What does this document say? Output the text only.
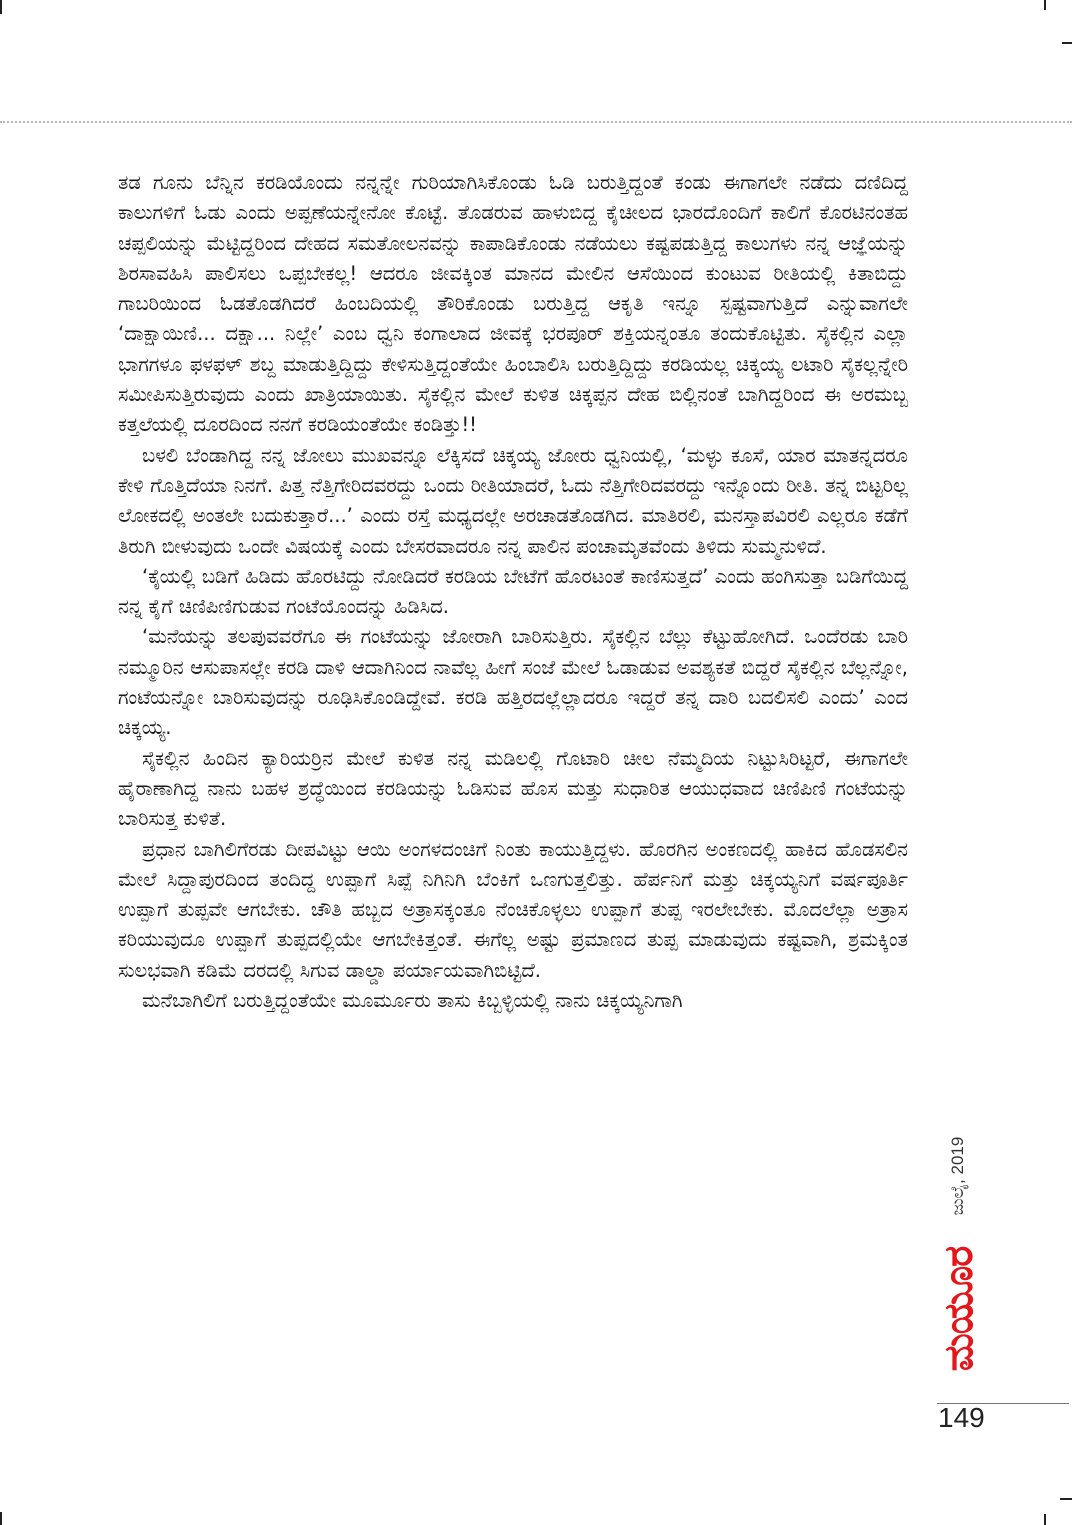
ತಡ ಗೂನು ಬೆನ್ನಿನ ಕರಡಿಯೊಂದು ನನ್ನನ್ನೇ ಗುರಿಯಾಗಿಸಿಕೊಂಡು ಓಡಿ ಬರುತ್ತಿದ್ದಂತೆ ಕಂಡು ಈಗಾಗಲೇ ನಡೆದು ದಣಿದಿದ್ದ ಕಾಲುಗಳಿಗೆ ಓಡು ಎಂದು ಅಪ್ಪಣೆಯನ್ನೇನೋ ಕೊಟ್ಟೆ. ತೊಡರುವ ಹಾಳುಬಿದ್ದ ಕೈಚೀಲದ ಭಾರದೊಂದಿಗೆ ಕಾಲಿಗೆ ಕೊರಟಿನಂತಹ ಚಪ್ಪಲಿಯನ್ನು ಮೆಟ್ಟಿದ್ದರಿಂದ ದೇಹದ ಸಮತೋಲನವನ್ನು ಕಾಪಾಡಿಕೊಂಡು ನಡೆಯಲು ಕಷ್ಟಪಡುತ್ತಿದ್ದ ಕಾಲುಗಳು ನನ್ನ ಆಜ್ಞೆಯನ್ನು ಶಿರಸಾವಹಿಸಿ ಪಾಲಿಸಲು ಒಪ್ಪಬೇಕಲ್ಲ! ಆದರೂ ಜೀವಕ್ಕಿಂತ ಮಾನದ ಮೇಲಿನ ಆಸೆಯಿಂದ ಕುಂಟುವ ರೀತಿಯಲ್ಲಿ ಕಿತಾಬಿದ್ದು ಗಾಬರಿಯಿಂದ ಓಡತೊಡಗಿದರೆ ಹಿಂಬದಿಯಲ್ಲಿ ತೌರಿಕೊಂಡು ಬರುತ್ತಿದ್ದ ಆಕೃತಿ ಇನ್ನೂ ಸ್ಪಷ್ಟವಾಗುತ್ತಿದೆ ಎನ್ನುವಾಗಲೇ ‘ದಾಕ್ಷಾಯಿಣಿ... ದಕ್ಷಾ... ನಿಲ್ಲೇ’ ಎಂಬ ಧ್ವನಿ ಕಂಗಾಲಾದ ಜೀವಕ್ಕೆ ಭರಪೂರ್ ಶಕ್ತಿಯನ್ನಂತೂ ತಂದುಕೊಟ್ಟಿತು. ಸೈಕಲ್ಲಿನ ಎಲ್ಲಾ ಭಾಗಗಳೂ ಫಳಫಳ್ ಶಬ್ದ ಮಾಡುತ್ತಿದ್ದಿದ್ದು ಕೇಳಿಸುತ್ತಿದ್ದಂತೆಯೇ ಹಿಂಬಾಲಿಸಿ ಬರುತ್ತಿದ್ದಿದ್ದು ಕರಡಿಯಲ್ಲ ಚಿಕ್ಕಯ್ಯ ಲಟಾರಿ ಸೈಕಲ್ಲನ್ನೇರಿ ಸಮೀಪಿಸುತ್ತಿರುವುದು ಎಂದು ಖಾತ್ರಿಯಾಯಿತು. ಸೈಕಲ್ಲಿನ ಮೇಲೆ ಕುಳಿತ ಚಿಕ್ಕಪ್ಪನ ದೇಹ ಬಿಲ್ಲಿನಂತೆ ಬಾಗಿದ್ದರಿಂದ ಈ ಅರಮಬ್ಬ ಕತ್ತಲೆಯಲ್ಲಿ ದೂರದಿಂದ ನನಗೆ ಕರಡಿಯಂತೆಯೇ ಕಂಡಿತ್ತು!!

ಬಳಲಿ ಬೆಂಡಾಗಿದ್ದ ನನ್ನ ಜೋಲು ಮುಖವನ್ನೂ ಲೆಕ್ಕಿಸದೆ ಚಿಕ್ಕಯ್ಯ ಜೋರು ಧ್ವನಿಯಲ್ಲಿ, ‘ಮಳ್ಳು ಕೂಸೆ, ಯಾರ ಮಾತನ್ನದರೂ ಕೇಳಿ ಗೊತ್ತಿದೆಯಾ ನಿನಗೆ. ಪಿತ್ತ ನೆತ್ತಿಗೇರಿದವರದ್ದು ಒಂದು ರೀತಿಯಾದರೆ, ಓದು ನೆತ್ತಿಗೇರಿದವರದ್ದು ಇನ್ನೊಂದು ರೀತಿ. ತನ್ನ ಬಿಟ್ಟರಿಲ್ಲ ಲೋಕದಲ್ಲಿ ಅಂತಲೇ ಬದುಕುತ್ತಾರೆ...’ ಎಂದು ರಸ್ತೆ ಮಧ್ಯದಲ್ಲೇ ಅರಚಾಡತೊಡಗಿದ. ಮಾತಿರಲಿ, ಮನಸ್ತಾಪವಿರಲಿ ಎಲ್ಲರೂ ಕಡೆಗೆ ತಿರುಗಿ ಬೀಳುವುದು ಒಂದೇ ವಿಷಯಕ್ಕೆ ಎಂದು ಬೇಸರವಾದರೂ ನನ್ನ ಪಾಲಿನ ಪಂಚಾಮೃತವೆಂದು ತಿಳಿದು ಸುಮ್ಮನುಳಿದೆ.

‘ಕೈಯಲ್ಲಿ ಬಡಿಗೆ ಹಿಡಿದು ಹೊರಟಿದ್ದು ನೋಡಿದರೆ ಕರಡಿಯ ಬೇಟೆಗೆ ಹೊರಟಂತೆ ಕಾಣಿಸುತ್ತದೆ’ ಎಂದು ಹಂಗಿಸುತ್ತಾ ಬಡಿಗೆಯಿದ್ದ ನನ್ನ ಕೈಗೆ ಚಿಣಿಪಿಣಿಗುಡುವ ಗಂಟೆಯೊಂದನ್ನು ಹಿಡಿಸಿದ.

‘ಮನೆಯನ್ನು ತಲಪುವವರೆಗೂ ಈ ಗಂಟೆಯನ್ನು ಜೋರಾಗಿ ಬಾರಿಸುತ್ತಿರು. ಸೈಕಲ್ಲಿನ ಬೆಲ್ಲು ಕೆಟ್ಟುಹೋಗಿದೆ. ಒಂದೆರಡು ಬಾರಿ ನಮ್ಮೂರಿನ ಆಸುಪಾಸಲ್ಲೇ ಕರಡಿ ದಾಳಿ ಆದಾಗಿನಿಂದ ನಾವೆಲ್ಲ ಹೀಗೆ ಸಂಜೆ ಮೇಲೆ ಓಡಾಡುವ ಅವಶ್ಯಕತೆ ಬಿದ್ದರೆ ಸೈಕಲ್ಲಿನ ಬೆಲ್ಲನ್ನೋ, ಗಂಟೆಯನ್ನೋ ಬಾರಿಸುವುದನ್ನು ರೂಢಿಸಿಕೊಂಡಿದ್ದೇವೆ. ಕರಡಿ ಹತ್ತಿರದಲ್ಲೆಲ್ಲಾದರೂ ಇದ್ದರೆ ತನ್ನ ದಾರಿ ಬದಲಿಸಲಿ ಎಂದು’ ಎಂದ ಚಿಕ್ಕಯ್ಯ.

ಸೈಕಲ್ಲಿನ ಹಿಂದಿನ ಕ್ಯಾರಿಯರ್ರಿನ ಮೇಲೆ ಕುಳಿತ ನನ್ನ ಮಡಿಲಲ್ಲಿ ಗೊಟಾರಿ ಚೀಲ ನೆಮ್ಮದಿಯ ನಿಟ್ಟುಸಿರಿಟ್ಟರೆ, ಈಗಾಗಲೇ ಹೈರಾಣಾಗಿದ್ದ ನಾನು ಬಹಳ ಶ್ರದ್ಧೆಯಿಂದ ಕರಡಿಯನ್ನು ಓಡಿಸುವ ಹೊಸ ಮತ್ತು ಸುಧಾರಿತ ಆಯುಧವಾದ ಚಿಣಿಪಿಣಿ ಗಂಟೆಯನ್ನು ಬಾರಿಸುತ್ತ ಕುಳಿತೆ.

ಪ್ರಧಾನ ಬಾಗಿಲಿಗೆರಡು ದೀಪವಿಟ್ಟು ಆಯಿ ಅಂಗಳದಂಚಿಗೆ ನಿಂತು ಕಾಯುತ್ತಿದ್ದಳು. ಹೊರಗಿನ ಅಂಕಣದಲ್ಲಿ ಹಾಕಿದ ಹೊಡಸಲಿನ ಮೇಲೆ ಸಿದ್ದಾಪುರದಿಂದ ತಂದಿದ್ದ ಉಪ್ಪಾಗೆ ಸಿಪ್ಪೆ ನಿಗಿನಿಗಿ ಬೆಂಕಿಗೆ ಒಣಗುತ್ತಲಿತ್ತು. ಹೆರ್ಪನಿಗೆ ಮತ್ತು ಚಿಕ್ಕಯ್ಯನಿಗೆ ವರ್ಷಪೂರ್ತಿ ಉಪ್ಪಾಗೆ ತುಪ್ಪವೇ ಆಗಬೇಕು. ಚೌತಿ ಹಬ್ಬದ ಅತ್ರಾಸಕ್ಕಂತೂ ನೆಂಚಿಕೊಳ್ಳಲು ಉಪ್ಪಾಗೆ ತುಪ್ಪ ಇರಲೇಬೇಕು. ಮೊದಲೆಲ್ಲಾ ಅತ್ರಾಸ ಕರಿಯುವುದೂ ಉಪ್ಪಾಗೆ ತುಪ್ಪದಲ್ಲಿಯೇ ಆಗಬೇಕಿತ್ತಂತೆ. ಈಗೆಲ್ಲ ಅಷ್ಟು ಪ್ರಮಾಣದ ತುಪ್ಪ ಮಾಡುವುದು ಕಷ್ಟವಾಗಿ, ಶ್ರಮಕ್ಕಿಂತ ಸುಲಭವಾಗಿ ಕಡಿಮೆ ದರದಲ್ಲಿ ಸಿಗುವ ಡಾಲ್ಡಾ ಪರ್ಯಾಯವಾಗಿಬಿಟ್ಟಿದೆ.

ಮನೆಬಾಗಿಲಿಗೆ ಬರುತ್ತಿದ್ದಂತೆಯೇ ಮೂರ್ಮೂರು ತಾಸು ಕಿಬ್ಬಳ್ಳಿಯಲ್ಲಿ ನಾನು ಚಿಕ್ಕಯ್ಯನಿಗಾಗಿ

ಜುಲೈ, 2019
ಮಯೂರ
149
